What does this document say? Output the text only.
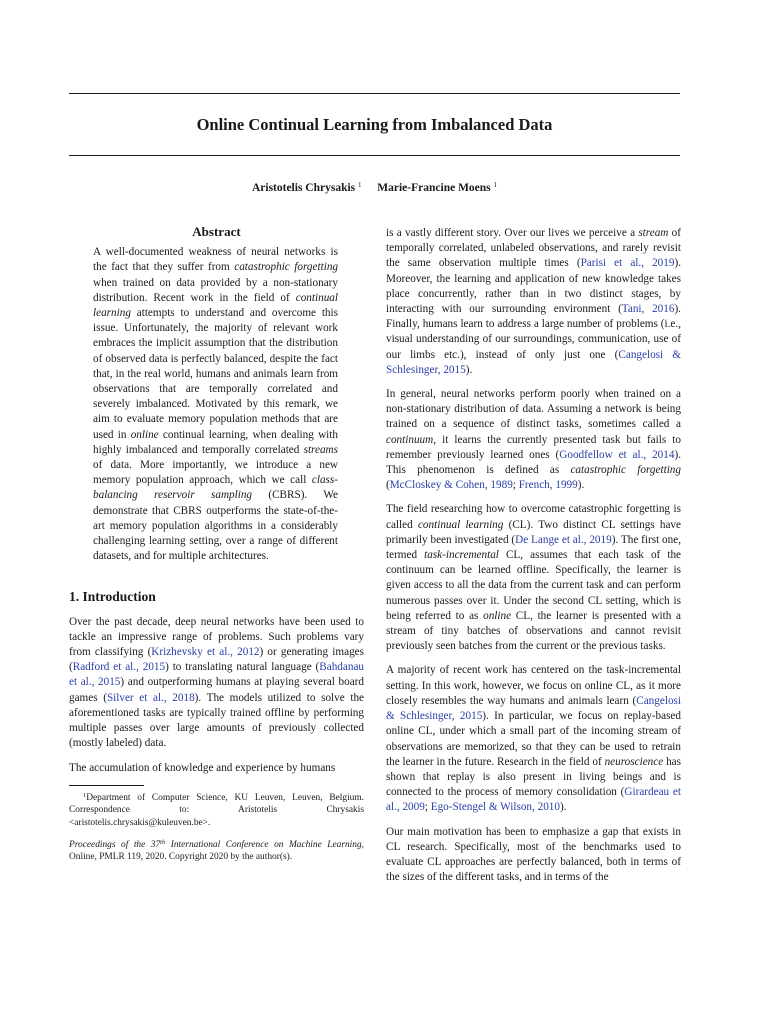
Online Continual Learning from Imbalanced Data
Aristotelis Chrysakis $^1$ Marie-Francine Moens $^1$
Abstract

A well-documented weakness of neural networks is the fact that they suffer from catastrophic forgetting when trained on data provided by a non-stationary distribution. Recent work in the field of continual learning attempts to understand and overcome this issue. Unfortunately, the majority of relevant work embraces the implicit assumption that the distribution of observed data is perfectly balanced, despite the fact that, in the real world, humans and animals learn from observations that are temporally correlated and severely imbalanced. Motivated by this remark, we aim to evaluate memory population methods that are used in online continual learning, when dealing with highly imbalanced and temporally correlated streams of data. More importantly, we introduce a new memory population approach, which we call class-balancing reservoir sampling (CBRS). We demonstrate that CBRS outperforms the state-of-the-art memory population algorithms in a considerably challenging learning setting, over a range of different datasets, and for multiple architectures.

1. Introduction

Over the past decade, deep neural networks have been used to tackle an impressive range of problems. Such problems vary from classifying (Krizhevsky et al., 2012) or generating images (Radford et al., 2015) to translating natural language (Bahdanau et al., 2015) and outperforming humans at playing several board games (Silver et al., 2018). The models utilized to solve the aforementioned tasks are typically trained offline by performing multiple passes over large amounts of previously collected (mostly labeled) data.

The accumulation of knowledge and experience by humans

$^1$Department of Computer Science, KU Leuven, Leuven, Belgium. Correspondence to: Aristotelis Chrysakis <aristotelis.chrysakis@kuleuven.be>.

Proceedings of the 37th International Conference on Machine Learning, Online, PMLR 119, 2020. Copyright 2020 by the author(s).

is a vastly different story. Over our lives we perceive a stream of temporally correlated, unlabeled observations, and rarely revisit the same observation multiple times (Parisi et al., 2019). Moreover, the learning and application of new knowledge takes place concurrently, rather than in two distinct stages, by interacting with our surrounding environment (Tani, 2016). Finally, humans learn to address a large number of problems (i.e., visual understanding of our surroundings, communication, use of our limbs etc.), instead of only just one (Cangelosi & Schlesinger, 2015).

In general, neural networks perform poorly when trained on a non-stationary distribution of data. Assuming a network is being trained on a sequence of distinct tasks, sometimes called a continuum, it learns the currently presented task but fails to remember previously learned ones (Goodfellow et al., 2014). This phenomenon is defined as catastrophic forgetting (McCloskey & Cohen, 1989; French, 1999).

The field researching how to overcome catastrophic forgetting is called continual learning (CL). Two distinct CL settings have primarily been investigated (De Lange et al., 2019). The first one, termed task-incremental CL, assumes that each task of the continuum can be learned offline. Specifically, the learner is given access to all the data from the current task and can perform numerous passes over it. Under the second CL setting, which is being referred to as online CL, the learner is presented with a stream of tiny batches of observations and cannot revisit previously seen batches from the current or the previous tasks.

A majority of recent work has centered on the task-incremental setting. In this work, however, we focus on online CL, as it more closely resembles the way humans and animals learn (Cangelosi & Schlesinger, 2015). In particular, we focus on replay-based online CL, under which a small part of the incoming stream of observations are memorized, so that they can be used to retrain the learner in the future. Research in the field of neuroscience has shown that replay is also present in living beings and is connected to the process of memory consolidation (Girardeau et al., 2009; Ego-Stengel & Wilson, 2010).

Our main motivation has been to emphasize a gap that exists in CL research. Specifically, most of the benchmarks used to evaluate CL approaches are perfectly balanced, both in terms of the sizes of the different tasks, and in terms of the
